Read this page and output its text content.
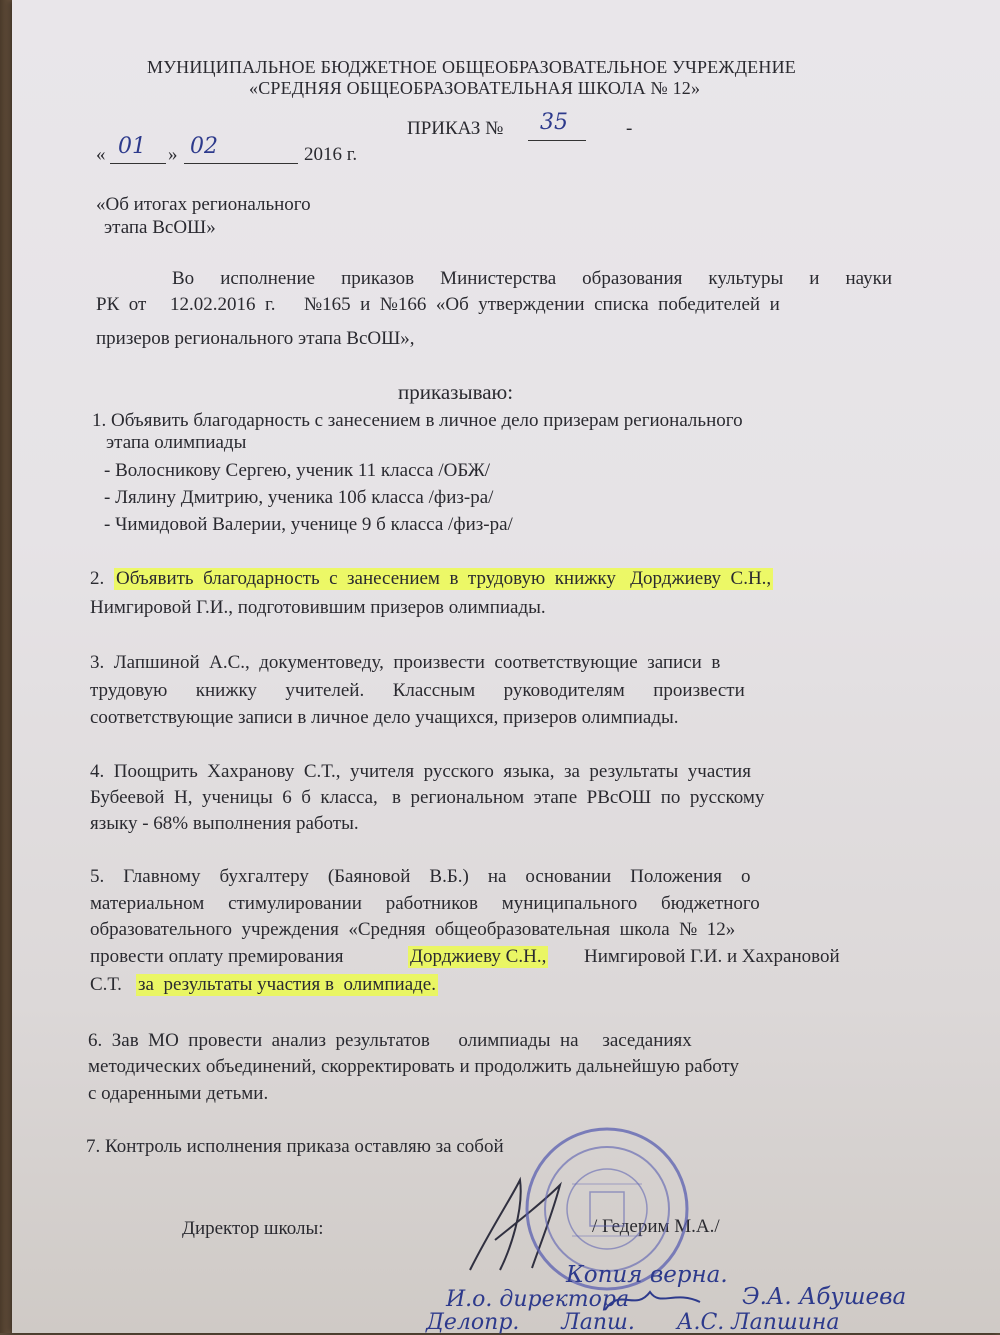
МУНИЦИПАЛЬНОЕ БЮДЖЕТНОЕ ОБЩЕОБРАЗОВАТЕЛЬНОЕ УЧРЕЖДЕНИЕ
«СРЕДНЯЯ ОБЩЕОБРАЗОВАТЕЛЬНАЯ ШКОЛА № 12»
ПРИКАЗ № 35	-
« 01 » 02	2016 г.
«Об итогах регионального
этапа ВсОШ»
Во исполнение приказов Министерства образования культуры и науки
РК  от     12.02.2016  г.      №165  и  №166  «Об  утверждении  списка  победителей  и
призеров регионального этапа ВсОШ»,
приказываю:
1. Объявить благодарность с занесением в личное дело призерам регионального
этапа олимпиады
- Волосникову Сергею, ученик 11 класса /ОБЖ/
- Лялину Дмитрию, ученика 10б класса /физ-ра/
- Чимидовой Валерии, ученице 9 б класса /физ-ра/
2. Объявить  благодарность  с  занесением  в  трудовую  книжку   Дорджиеву  С.Н.,
Нимгировой Г.И., подготовившим призеров олимпиады.
3.  Лапшиной  А.С.,  документоведу,  произвести  соответствующие  записи  в
трудовую      книжку      учителей.      Классным      руководителям      произвести
соответствующие записи в личное дело учащихся, призеров олимпиады.
4.  Поощрить  Хахранову  С.Т.,  учителя  русского  языка,  за  результаты  участия
Бубеевой  Н,  ученицы  6  б  класса,   в  региональном  этапе  РВсОШ  по  русскому
языку - 68% выполнения работы.
5.    Главному    бухгалтеру    (Баяновой    В.Б.)    на    основании    Положения    о
материальном     стимулировании     работников     муниципального     бюджетного
образовательного  учреждения  «Средняя  общеобразовательная  школа  №  12»
провести оплату премирования	Дорджиеву С.Н., Нимгировой Г.И. и Хахрановой
С.Т. за  результаты участия в  олимпиаде.
6.  Зав  МО  провести  анализ  результатов      олимпиады  на     заседаниях
методических объединений, скорректировать и продолжить дальнейшую работу
с одаренными детьми.
7. Контроль исполнения приказа оставляю за собой
Директор школы:	/ Гедерим М.А./
Копия верна.
И.о. директора	Э.А. Абушева
Делопр.      Лапш.      А.С. Лапшина
